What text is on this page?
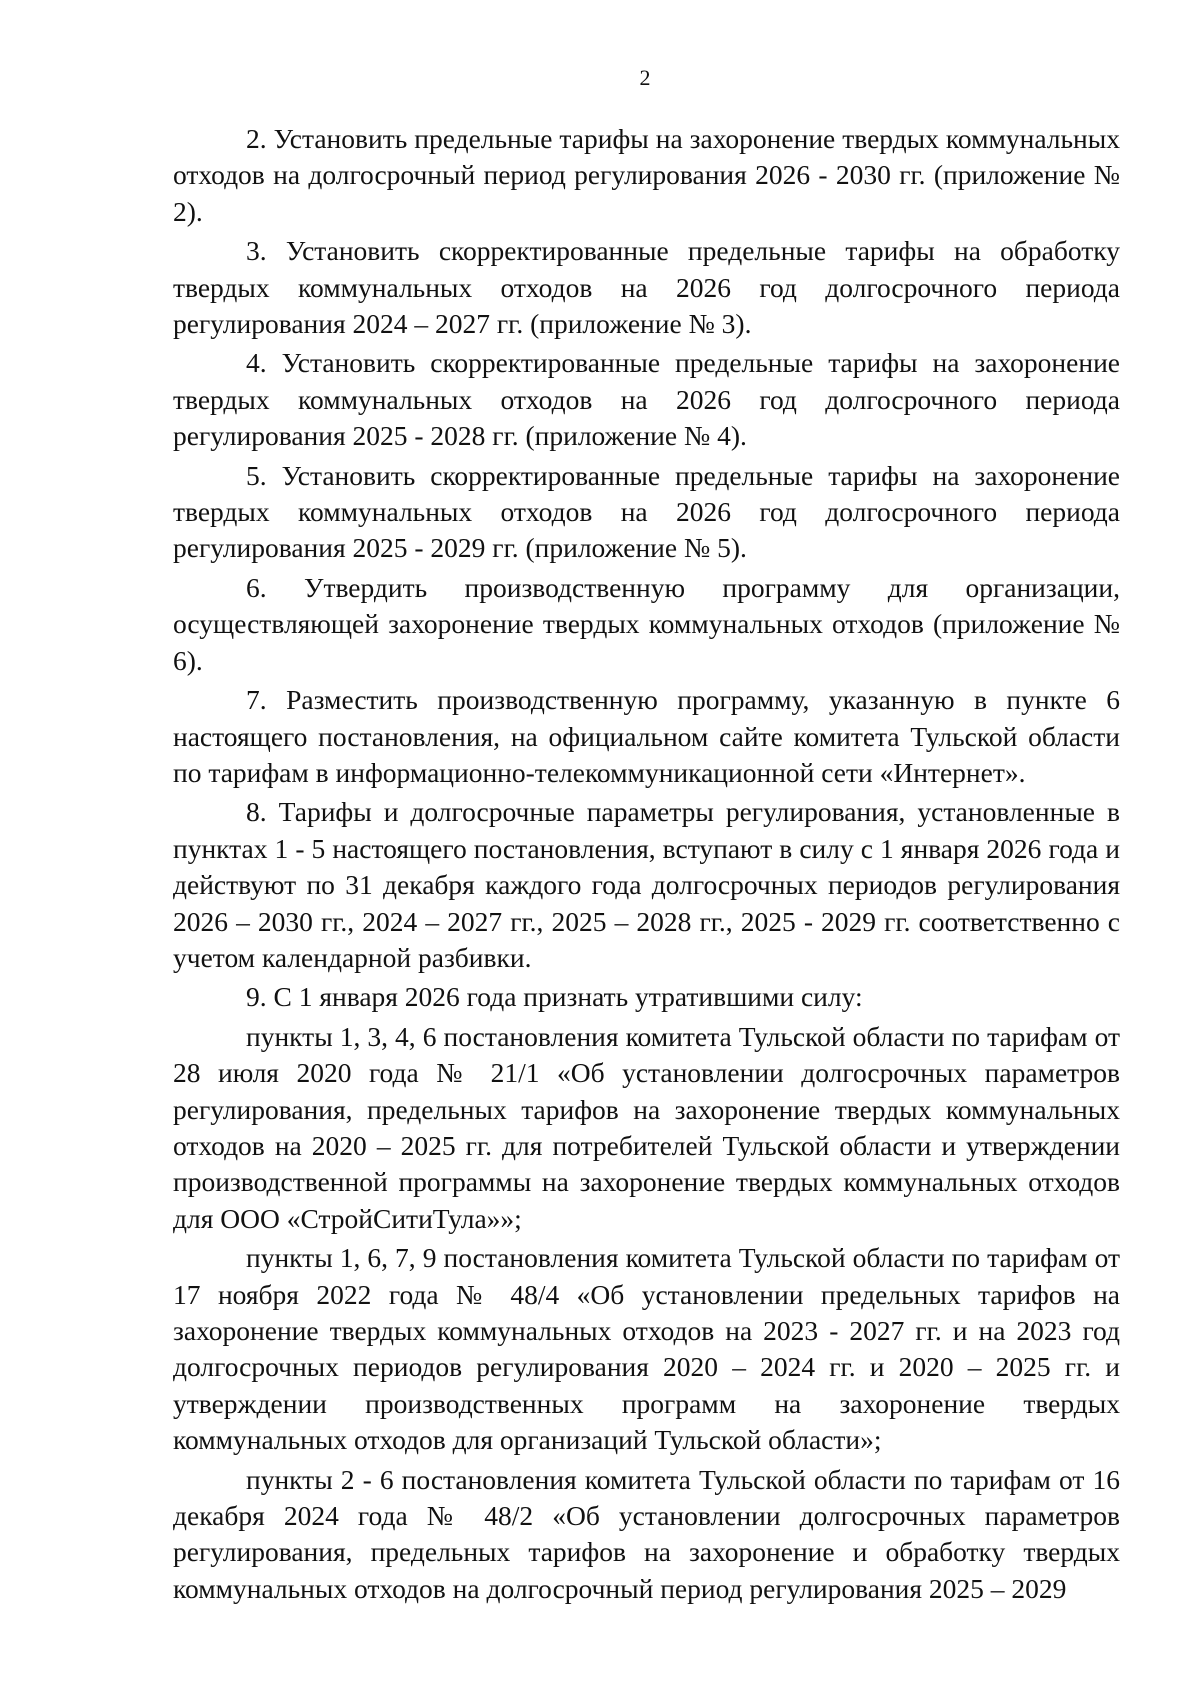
2

2. Установить предельные тарифы на захоронение твердых коммунальных отходов на долгосрочный период регулирования 2026 - 2030 гг. (приложение № 2).

3. Установить скорректированные предельные тарифы на обработку твердых коммунальных отходов на 2026 год долгосрочного периода регулирования 2024 – 2027 гг. (приложение № 3).

4. Установить скорректированные предельные тарифы на захоронение твердых коммунальных отходов на 2026 год долгосрочного периода регулирования 2025 - 2028 гг. (приложение № 4).

5. Установить скорректированные предельные тарифы на захоронение твердых коммунальных отходов на 2026 год долгосрочного периода регулирования 2025 - 2029 гг. (приложение № 5).

6. Утвердить производственную программу для организации, осуществляющей захоронение твердых коммунальных отходов (приложение № 6).

7. Разместить производственную программу, указанную в пункте 6 настоящего постановления, на официальном сайте комитета Тульской области по тарифам в информационно-телекоммуникационной сети «Интернет».

8. Тарифы и долгосрочные параметры регулирования, установленные в пунктах 1 - 5 настоящего постановления, вступают в силу с 1 января 2026 года и действуют по 31 декабря каждого года долгосрочных периодов регулирования 2026 – 2030 гг., 2024 – 2027 гг., 2025 – 2028 гг., 2025 - 2029 гг. соответственно с учетом календарной разбивки.

9. С 1 января 2026 года признать утратившими силу:

пункты 1, 3, 4, 6 постановления комитета Тульской области по тарифам от 28 июля 2020 года № 21/1 «Об установлении долгосрочных параметров регулирования, предельных тарифов на захоронение твердых коммунальных отходов на 2020 – 2025 гг. для потребителей Тульской области и утверждении производственной программы на захоронение твердых коммунальных отходов для ООО «СтройСитиТула»»;

пункты 1, 6, 7, 9 постановления комитета Тульской области по тарифам от 17 ноября 2022 года № 48/4 «Об установлении предельных тарифов на захоронение твердых коммунальных отходов на 2023 - 2027 гг. и на 2023 год долгосрочных периодов регулирования 2020 – 2024 гг. и 2020 – 2025 гг. и утверждении производственных программ на захоронение твердых коммунальных отходов для организаций Тульской области»;

пункты 2 - 6 постановления комитета Тульской области по тарифам от 16 декабря 2024 года № 48/2 «Об установлении долгосрочных параметров регулирования, предельных тарифов на захоронение и обработку твердых коммунальных отходов на долгосрочный период регулирования 2025 – 2029
